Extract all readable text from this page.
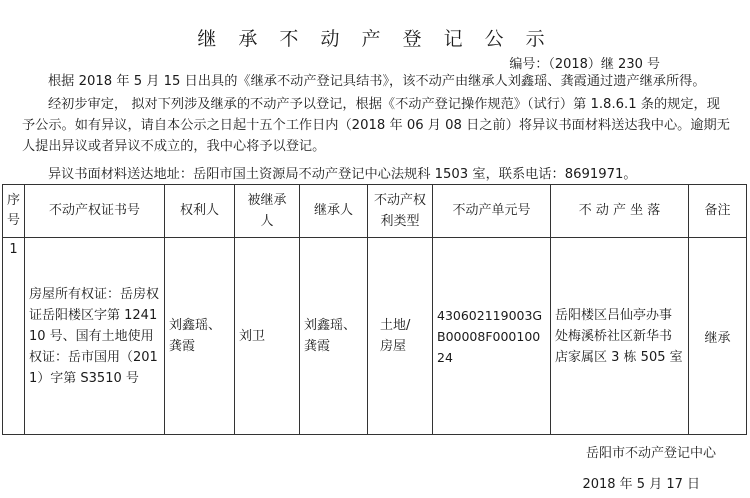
继 承 不 动 产 登 记 公 示
编号：（2018）继 230 号
根据 2018 年 5 月 15 日出具的《继承不动产登记具结书》，该不动产由继承人刘鑫瑶、龚霞通过遗产继承所得。
经初步审定， 拟对下列涉及继承的不动产予以登记，根据《不动产登记操作规范》（试行）第 1.8.6.1 条的规定，现予公示。如有异议，请自本公示之日起十五个工作日内（2018 年 06 月 08 日之前）将异议书面材料送达我中心。逾期无人提出异议或者异议不成立的，我中心将予以登记。
异议书面材料送达地址：岳阳市国土资源局不动产登记中心法规科 1503 室，联系电话：8691971。
序号	不动产权证书号	权利人	被继承人	继承人	不动产权利类型	不动产单元号	不 动 产 坐 落	备注
1	房屋所有权证：岳房权证岳阳楼区字第 124110 号、国有土地使用权证：岳市国用（2011）字第 S3510 号	刘鑫瑶、龚霞	刘卫	刘鑫瑶、龚霞	土地/房屋	430602119003GB00008F00010024	岳阳楼区吕仙亭办事处梅溪桥社区新华书店家属区 3 栋 505 室	继承
岳阳市不动产登记中心
2018 年 5 月 17 日
